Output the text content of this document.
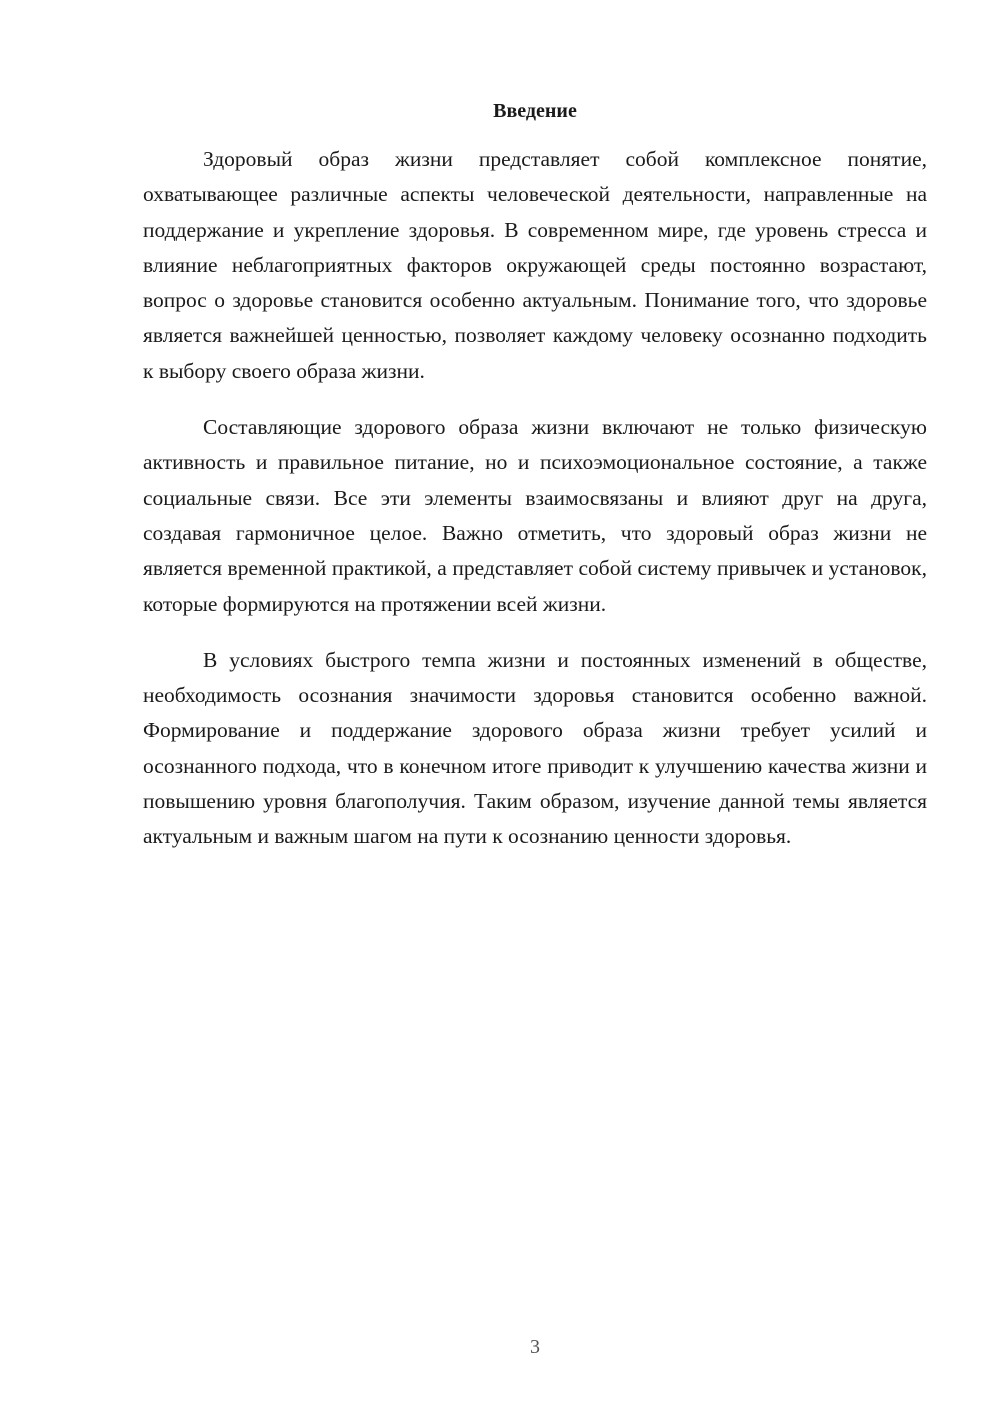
Введение

Здоровый образ жизни представляет собой комплексное понятие, охватывающее различные аспекты человеческой деятельности, направленные на поддержание и укрепление здоровья. В современном мире, где уровень стресса и влияние неблагоприятных факторов окружающей среды постоянно возрастают, вопрос о здоровье становится особенно актуальным. Понимание того, что здоровье является важнейшей ценностью, позволяет каждому человеку осознанно подходить к выбору своего образа жизни.

Составляющие здорового образа жизни включают не только физическую активность и правильное питание, но и психоэмоциональное состояние, а также социальные связи. Все эти элементы взаимосвязаны и влияют друг на друга, создавая гармоничное целое. Важно отметить, что здоровый образ жизни не является временной практикой, а представляет собой систему привычек и установок, которые формируются на протяжении всей жизни.

В условиях быстрого темпа жизни и постоянных изменений в обществе, необходимость осознания значимости здоровья становится особенно важной. Формирование и поддержание здорового образа жизни требует усилий и осознанного подхода, что в конечном итоге приводит к улучшению качества жизни и повышению уровня благополучия. Таким образом, изучение данной темы является актуальным и важным шагом на пути к осознанию ценности здоровья.

3
